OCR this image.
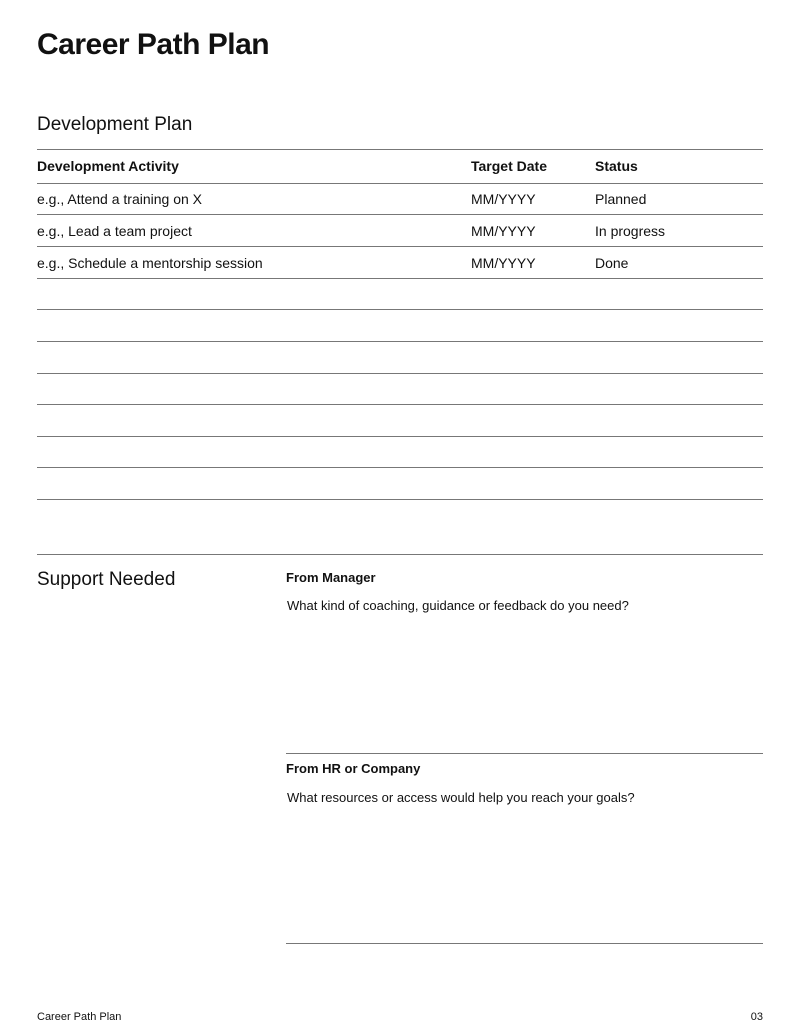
Career Path Plan
Development Plan
Development Activity	Target Date	Status
e.g., Attend a training on X	MM/YYYY	Planned
e.g., Lead a team project	MM/YYYY	In progress
e.g., Schedule a mentorship session	MM/YYYY	Done
Support Needed	From Manager
What kind of coaching, guidance or feedback do you need?
From HR or Company
What resources or access would help you reach your goals?
Career Path Plan	03
